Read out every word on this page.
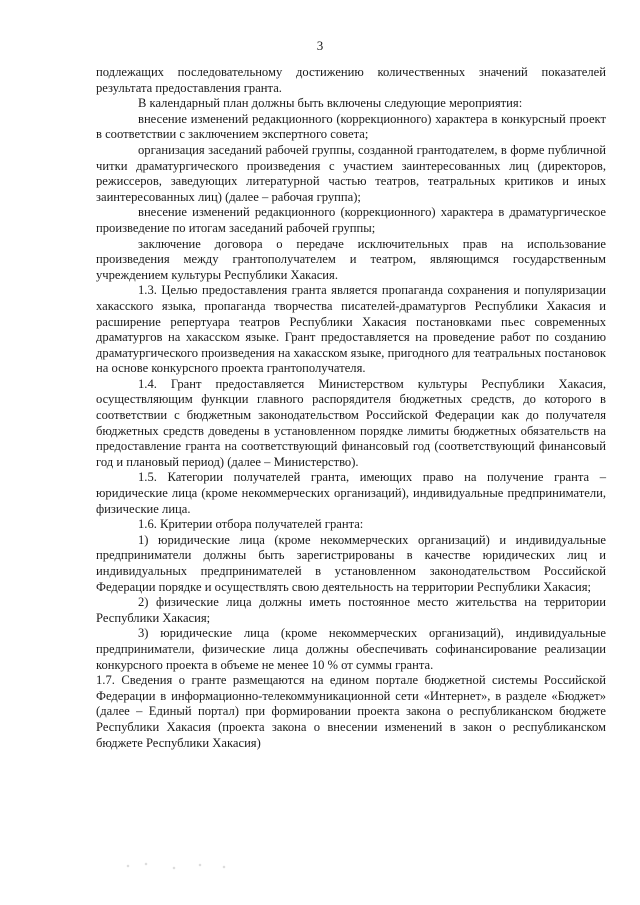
3

подлежащих последовательному достижению количественных значений показателей результата предоставления гранта.

В календарный план должны быть включены следующие мероприятия:

внесение изменений редакционного (коррекционного) характера в конкурсный проект в соответствии с заключением экспертного совета;

организация заседаний рабочей группы, созданной грантодателем, в форме публичной читки драматургического произведения с участием заинтересованных лиц (директоров, режиссеров, заведующих литературной частью театров, театральных критиков и иных заинтересованных лиц) (далее – рабочая группа);

внесение изменений редакционного (коррекционного) характера в драматургическое произведение по итогам заседаний рабочей группы;

заключение договора о передаче исключительных прав на использование произведения между грантополучателем и театром, являющимся государственным учреждением культуры Республики Хакасия.

1.3. Целью предоставления гранта является пропаганда сохранения и популяризации хакасского языка, пропаганда творчества писателей-драматургов Республики Хакасия и расширение репертуара театров Республики Хакасия постановками пьес современных драматургов на хакасском языке. Грант предоставляется на проведение работ по созданию драматургического произведения на хакасском языке, пригодного для театральных постановок на основе конкурсного проекта грантополучателя.

1.4. Грант предоставляется Министерством культуры Республики Хакасия, осуществляющим функции главного распорядителя бюджетных средств, до которого в соответствии с бюджетным законодательством Российской Федерации как до получателя бюджетных средств доведены в установленном порядке лимиты бюджетных обязательств на предоставление гранта на соответствующий финансовый год (соответствующий финансовый год и плановый период) (далее – Министерство).

1.5. Категории получателей гранта, имеющих право на получение гранта – юридические лица (кроме некоммерческих организаций), индивидуальные предприниматели, физические лица.

1.6. Критерии отбора получателей гранта:

1) юридические лица (кроме некоммерческих организаций) и индивидуальные предприниматели должны быть зарегистрированы в качестве юридических лиц и индивидуальных предпринимателей в установленном законодательством Российской Федерации порядке и осуществлять свою деятельность на территории Республики Хакасия;

2) физические лица должны иметь постоянное место жительства на территории Республики Хакасия;

3) юридические лица (кроме некоммерческих организаций), индивидуальные предприниматели, физические лица должны обеспечивать софинансирование реализации конкурсного проекта в объеме не менее 10 % от суммы гранта.

1.7. Сведения о гранте размещаются на едином портале бюджетной системы Российской Федерации в информационно-телекоммуникационной сети «Интернет», в разделе «Бюджет» (далее – Единый портал) при формировании проекта закона о республиканском бюджете Республики Хакасия (проекта закона о внесении изменений в закон о республиканском бюджете Республики Хакасия)
